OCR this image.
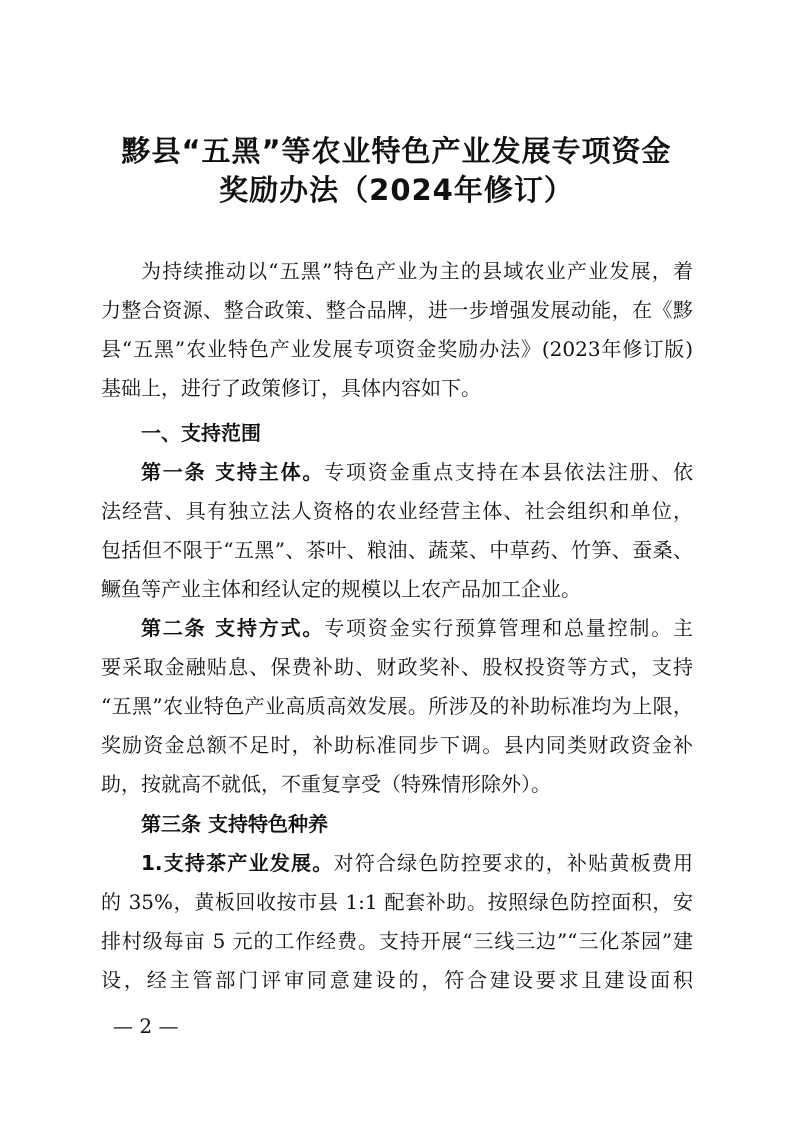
黟县“五黑”等农业特色产业发展专项资金
奖励办法（2024年修订）
为持续推动以“五黑”特色产业为主的县域农业产业发展，着
力整合资源、整合政策、整合品牌，进一步增强发展动能，在《黟
县“五黑”农业特色产业发展专项资金奖励办法》(2023年修订版)
基础上，进行了政策修订，具体内容如下。
一、支持范围
第一条 支持主体。专项资金重点支持在本县依法注册、依
法经营、具有独立法人资格的农业经营主体、社会组织和单位，
包括但不限于“五黑”、茶叶、粮油、蔬菜、中草药、竹笋、蚕桑、
鳜鱼等产业主体和经认定的规模以上农产品加工企业。
第二条 支持方式。专项资金实行预算管理和总量控制。主
要采取金融贴息、保费补助、财政奖补、股权投资等方式，支持
“五黑”农业特色产业高质高效发展。所涉及的补助标准均为上限，
奖励资金总额不足时，补助标准同步下调。县内同类财政资金补
助，按就高不就低，不重复享受（特殊情形除外）。
第三条 支持特色种养
1.支持茶产业发展。对符合绿色防控要求的，补贴黄板费用
的 35%，黄板回收按市县 1:1 配套补助。按照绿色防控面积，安
排村级每亩 5 元的工作经费。支持开展“三线三边”“三化茶园”建
设，经主管部门评审同意建设的，符合建设要求且建设面积
— 2 —
